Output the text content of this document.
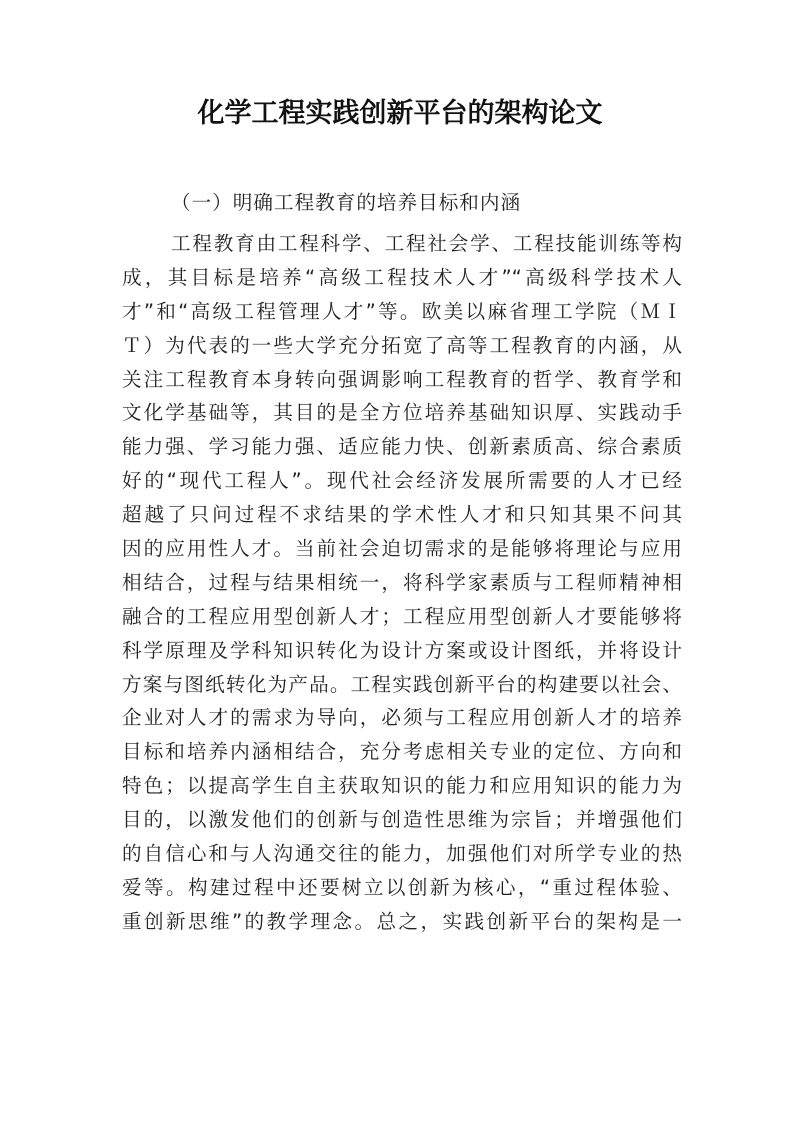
化学工程实践创新平台的架构论文

（一）明确工程教育的培养目标和内涵

工程教育由工程科学、工程社会学、工程技能训练等构
成，其目标是培养“高级工程技术人才”“高级科学技术人
才”和“高级工程管理人才”等。欧美以麻省理工学院（ＭＩ
Ｔ）为代表的一些大学充分拓宽了高等工程教育的内涵，从
关注工程教育本身转向强调影响工程教育的哲学、教育学和
文化学基础等，其目的是全方位培养基础知识厚、实践动手
能力强、学习能力强、适应能力快、创新素质高、综合素质
好的“现代工程人”。现代社会经济发展所需要的人才已经
超越了只问过程不求结果的学术性人才和只知其果不问其
因的应用性人才。当前社会迫切需求的是能够将理论与应用
相结合，过程与结果相统一，将科学家素质与工程师精神相
融合的工程应用型创新人才；工程应用型创新人才要能够将
科学原理及学科知识转化为设计方案或设计图纸，并将设计
方案与图纸转化为产品。工程实践创新平台的构建要以社会、
企业对人才的需求为导向，必须与工程应用创新人才的培养
目标和培养内涵相结合，充分考虑相关专业的定位、方向和
特色；以提高学生自主获取知识的能力和应用知识的能力为
目的，以激发他们的创新与创造性思维为宗旨；并增强他们
的自信心和与人沟通交往的能力，加强他们对所学专业的热
爱等。构建过程中还要树立以创新为核心，“重过程体验、
重创新思维”的教学理念。总之，实践创新平台的架构是一
